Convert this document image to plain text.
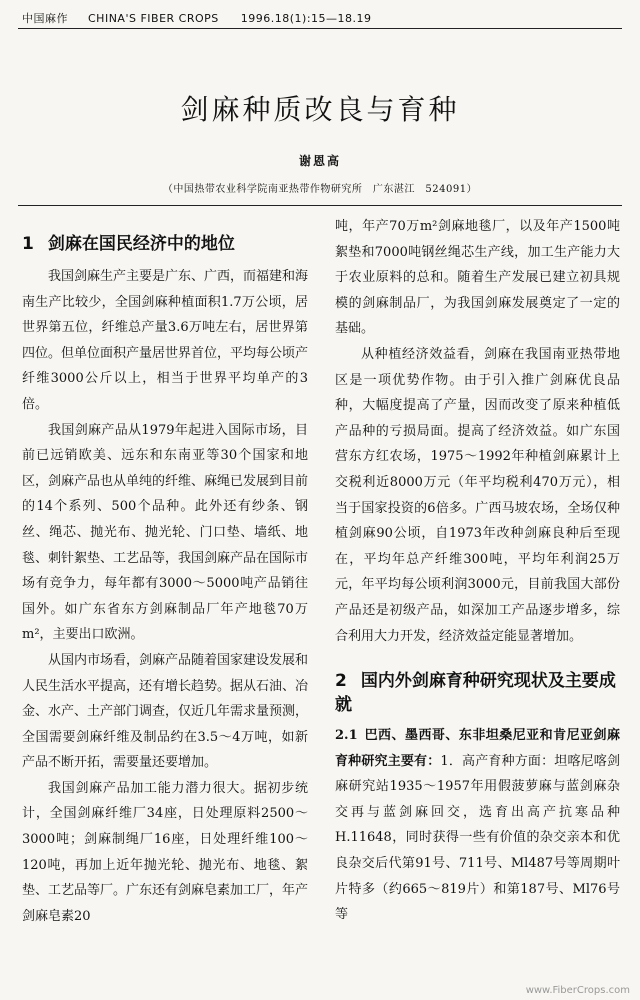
中国麻作 CHINA'S FIBER CROPS 1996.18(1):15—18.19
剑麻种质改良与育种
谢恩高
（中国热带农业科学院南亚热带作物研究所　广东湛江　524091）
1 剑麻在国民经济中的地位

我国剑麻生产主要是广东、广西，而福建和海南生产比较少，全国剑麻种植面积1.7万公顷，居世界第五位，纤维总产量3.6万吨左右，居世界第四位。但单位面积产量居世界首位，平均每公顷产纤维3000公斤以上，相当于世界平均单产的3倍。

我国剑麻产品从1979年起进入国际市场，目前已远销欧美、远东和东南亚等30个国家和地区，剑麻产品也从单纯的纤维、麻绳已发展到目前的14个系列、500个品种。此外还有纱条、钢丝、绳芯、抛光布、抛光轮、门口垫、墙纸、地毯、刺针絮垫、工艺品等，我国剑麻产品在国际市场有竞争力，每年都有3000～5000吨产品销往国外。如广东省东方剑麻制品厂年产地毯70万m²，主要出口欧洲。

从国内市场看，剑麻产品随着国家建设发展和人民生活水平提高，还有增长趋势。据从石油、冶金、水产、土产部门调查，仅近几年需求量预测，全国需要剑麻纤维及制品约在3.5～4万吨，如新产品不断开拓，需要量还要增加。

我国剑麻产品加工能力潜力很大。据初步统计，全国剑麻纤维厂34座，日处理原料2500～3000吨；剑麻制绳厂16座，日处理纤维100～120吨，再加上近年抛光轮、抛光布、地毯、絮垫、工艺品等厂。广东还有剑麻皂素加工厂，年产剑麻皂素20

吨，年产70万m²剑麻地毯厂，以及年产1500吨絮垫和7000吨钢丝绳芯生产线，加工生产能力大于农业原料的总和。随着生产发展已建立初具规模的剑麻制品厂，为我国剑麻发展奠定了一定的基础。

从种植经济效益看，剑麻在我国南亚热带地区是一项优势作物。由于引入推广剑麻优良品种，大幅度提高了产量，因而改变了原来种植低产品种的亏损局面。提高了经济效益。如广东国营东方红农场，1975～1992年种植剑麻累计上交税利近8000万元（年平均税利470万元），相当于国家投资的6倍多。广西马坡农场，全场仅种植剑麻90公顷，自1973年改种剑麻良种后至现在，平均年总产纤维300吨，平均年利润25万元，年平均每公顷利润3000元，目前我国大部份产品还是初级产品，如深加工产品逐步增多，综合利用大力开发，经济效益定能显著增加。

2 国内外剑麻育种研究现状及主要成就

2.1  巴西、墨西哥、东非坦桑尼亚和肯尼亚剑麻育种研究主要有：1．高产育种方面：坦喀尼喀剑麻研究站1935～1957年用假菠萝麻与蓝剑麻杂交再与蓝剑麻回交，选育出高产抗寒品种H.11648，同时获得一些有价值的杂交亲本和优良杂交后代第91号、711号、Ml487号等周期叶片特多（约665～819片）和第187号、Ml76号等

www.FiberCrops.com
